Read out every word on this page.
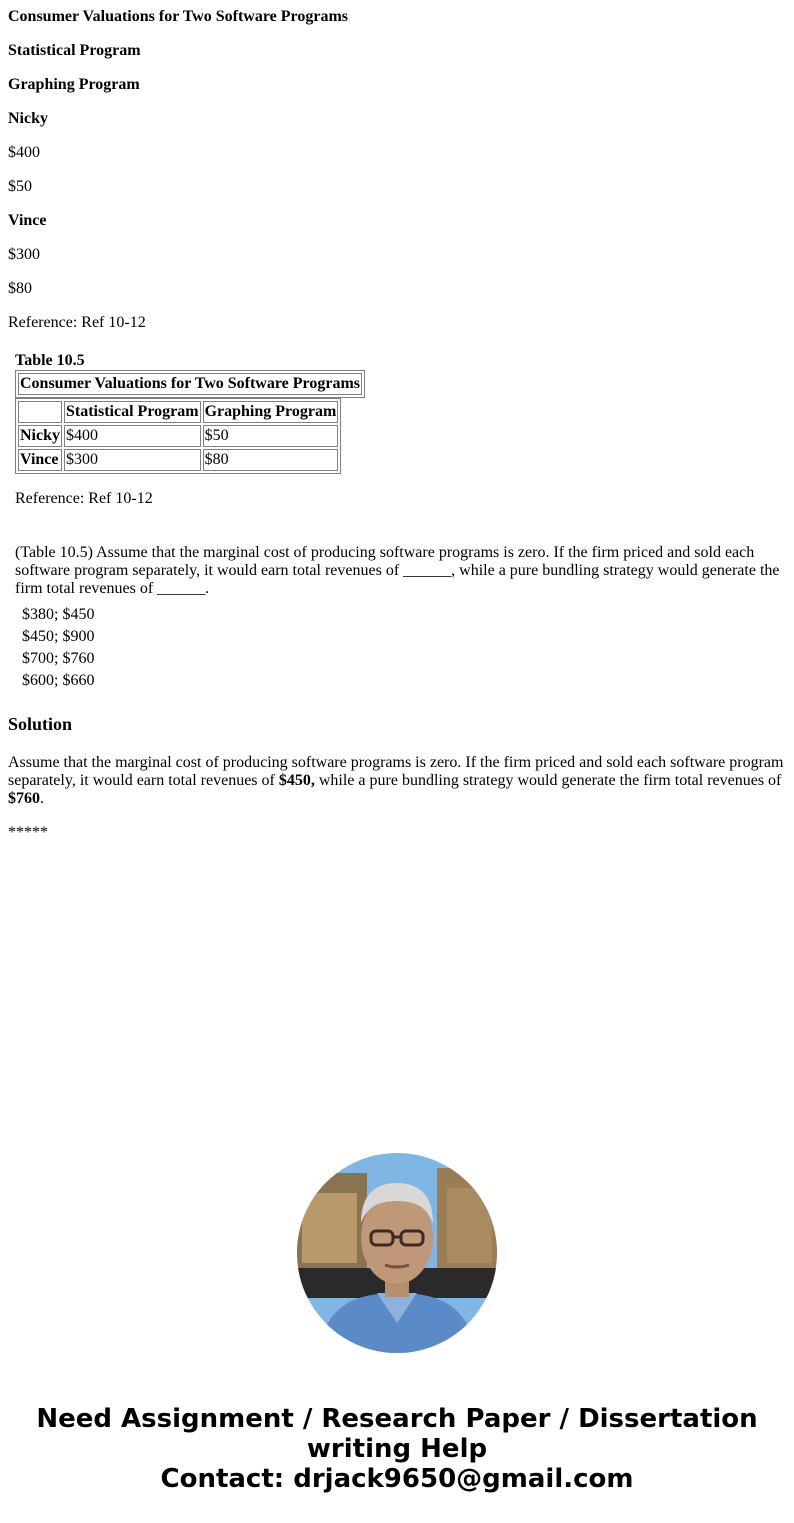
Consumer Valuations for Two Software Programs
Statistical Program
Graphing Program
Nicky
$400
$50
Vince
$300
$80
Reference: Ref 10-12
Table 10.5
Consumer Valuations for Two Software Programs
	Statistical Program	Graphing Program
Nicky	$400	$50
Vince	$300	$80
Reference: Ref 10-12
(Table 10.5) Assume that the marginal cost of producing software programs is zero. If the firm priced and sold each software program separately, it would earn total revenues of ______, while a pure bundling strategy would generate the firm total revenues of ______.
$380; $450
$450; $900
$700; $760
$600; $660
Solution
Assume that the marginal cost of producing software programs is zero. If the firm priced and sold each software program separately, it would earn total revenues of $450, while a pure bundling strategy would generate the firm total revenues of $760.
*****
Need Assignment / Research Paper / Dissertation
writing Help
Contact: drjack9650@gmail.com
